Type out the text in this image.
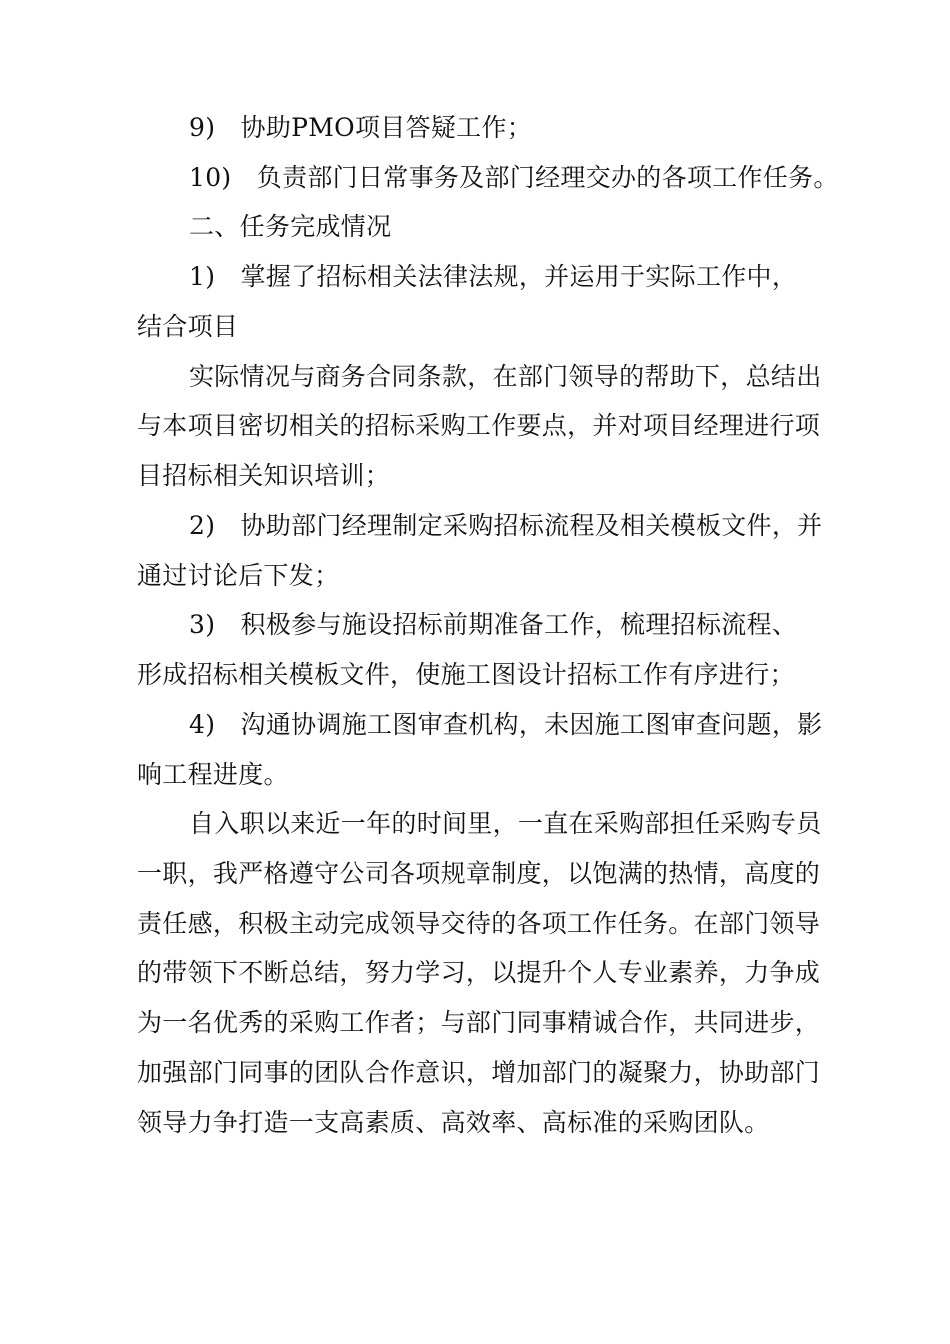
9)　协助PMO项目答疑工作；
10)　负责部门日常事务及部门经理交办的各项工作任务。
二、任务完成情况
1)　掌握了招标相关法律法规，并运用于实际工作中，
结合项目
实际情况与商务合同条款，在部门领导的帮助下，总结出
与本项目密切相关的招标采购工作要点，并对项目经理进行项
目招标相关知识培训；
2)　协助部门经理制定采购招标流程及相关模板文件，并
通过讨论后下发；
3)　积极参与施设招标前期准备工作，梳理招标流程、
形成招标相关模板文件，使施工图设计招标工作有序进行；
4)　沟通协调施工图审查机构，未因施工图审查问题，影
响工程进度。
自入职以来近一年的时间里，一直在采购部担任采购专员
一职，我严格遵守公司各项规章制度，以饱满的热情，高度的
责任感，积极主动完成领导交待的各项工作任务。在部门领导
的带领下不断总结，努力学习，以提升个人专业素养，力争成
为一名优秀的采购工作者；与部门同事精诚合作，共同进步，
加强部门同事的团队合作意识，增加部门的凝聚力，协助部门
领导力争打造一支高素质、高效率、高标准的采购团队。
